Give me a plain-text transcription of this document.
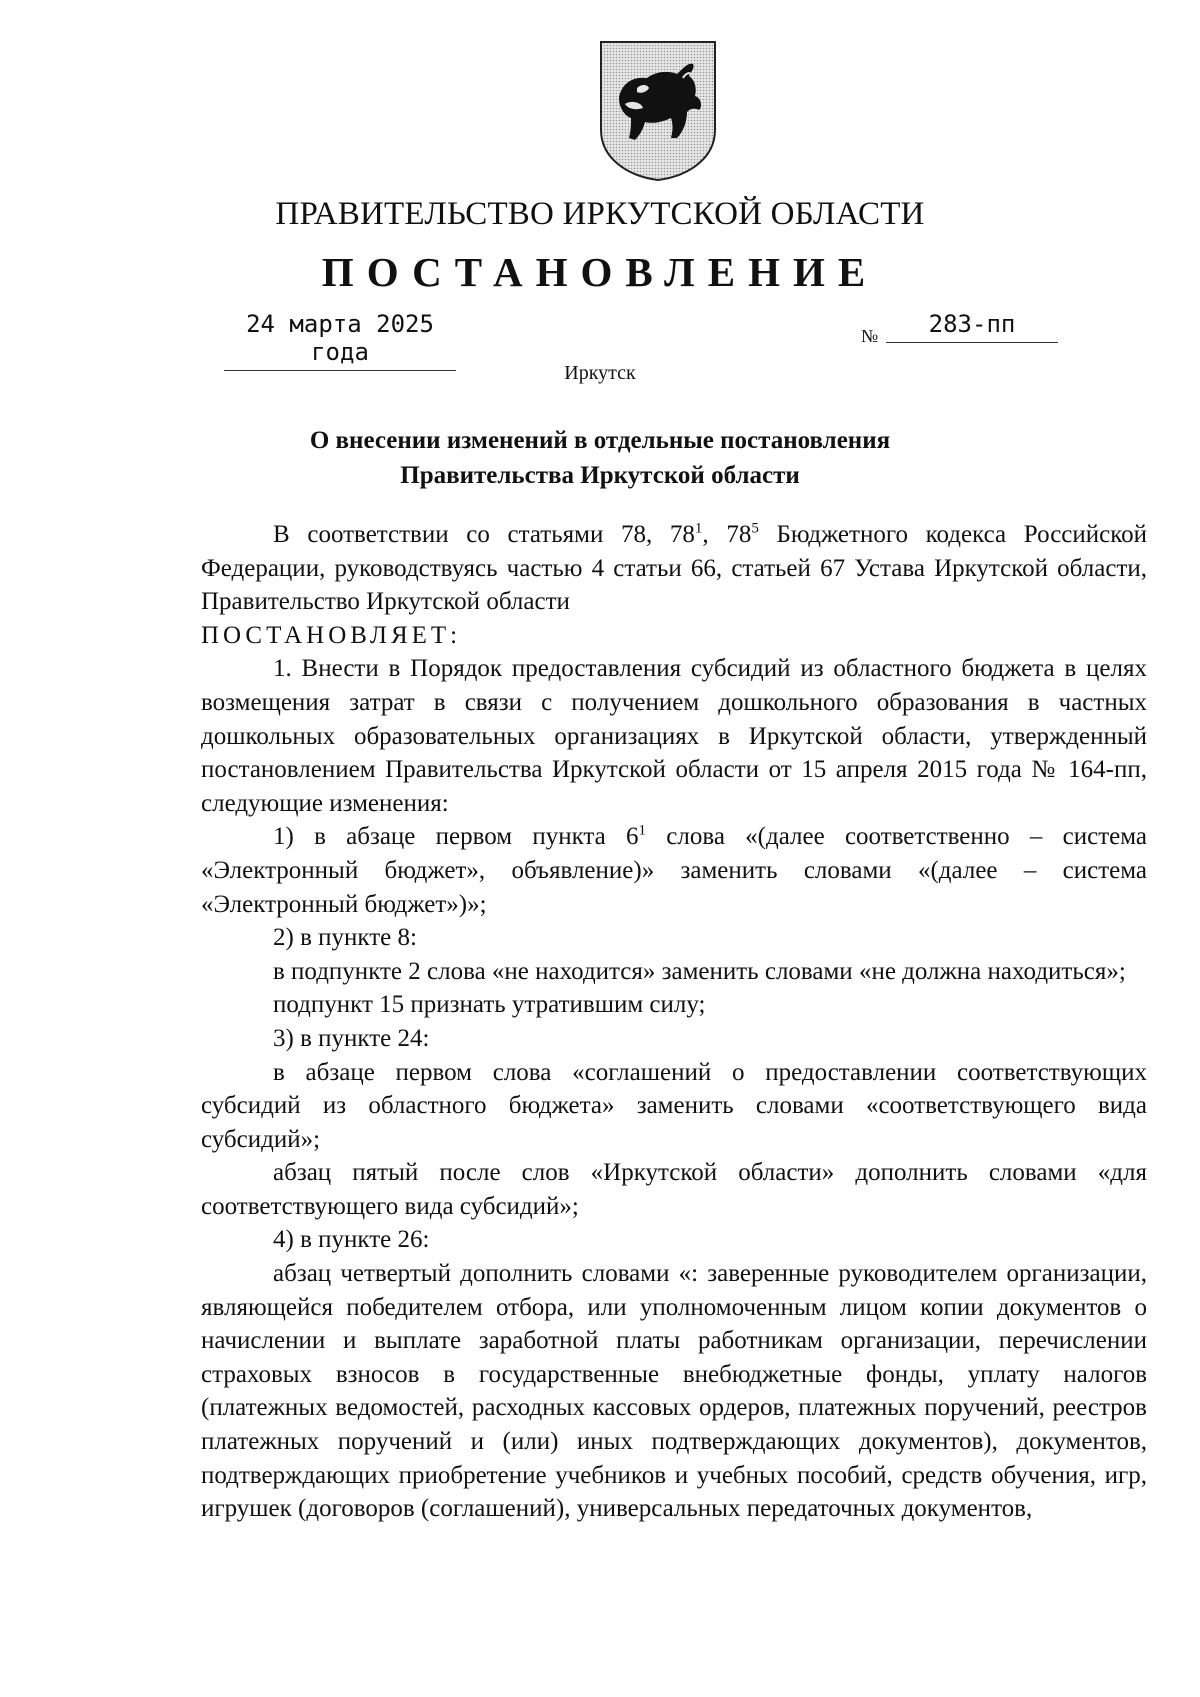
ПРАВИТЕЛЬСТВО ИРКУТСКОЙ ОБЛАСТИ
ПОСТАНОВЛЕНИЕ
24 марта 2025 года
№	283-пп
Иркутск
О внесении изменений в отдельные постановления
Правительства Иркутской области

В соответствии со статьями 78, $78^1$, $78^5$ Бюджетного кодекса Российской Федерации, руководствуясь частью 4 статьи 66, статьей 67 Устава Иркутской области, Правительство Иркутской области

ПОСТАНОВЛЯЕТ:

1. Внести в Порядок предоставления субсидий из областного бюджета в целях возмещения затрат в связи с получением дошкольного образования в частных дошкольных образовательных организациях в Иркутской области, утвержденный постановлением Правительства Иркутской области от 15 апреля 2015 года № 164-пп, следующие изменения:

1) в абзаце первом пункта $6^1$ слова «(далее соответственно – система «Электронный бюджет», объявление)» заменить словами «(далее – система «Электронный бюджет»)»;

2) в пункте 8:

в подпункте 2 слова «не находится» заменить словами «не должна находиться»;

подпункт 15 признать утратившим силу;

3) в пункте 24:

в абзаце первом слова «соглашений о предоставлении соответствующих субсидий из областного бюджета» заменить словами «соответствующего вида субсидий»;

абзац пятый после слов «Иркутской области» дополнить словами «для соответствующего вида субсидий»;

4) в пункте 26:

абзац четвертый дополнить словами «: заверенные руководителем организации, являющейся победителем отбора, или уполномоченным лицом копии документов о начислении и выплате заработной платы работникам организации, перечислении страховых взносов в государственные внебюджетные фонды, уплату налогов (платежных ведомостей, расходных кассовых ордеров, платежных поручений, реестров платежных поручений и (или) иных подтверждающих документов), документов, подтверждающих приобретение учебников и учебных пособий, средств обучения, игр, игрушек (договоров (соглашений), универсальных передаточных документов,
